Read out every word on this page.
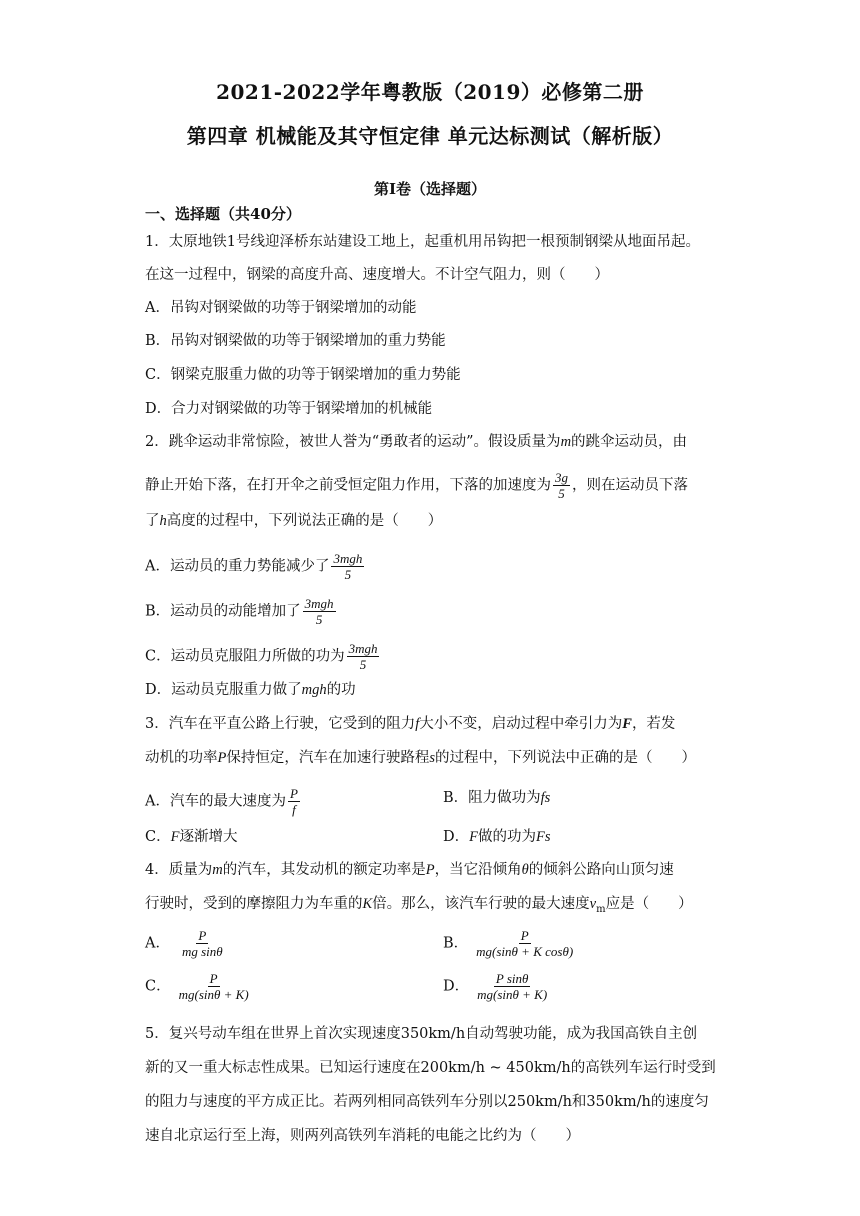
2021-2022学年粤教版（2019）必修第二册
第四章 机械能及其守恒定律 单元达标测试（解析版）
第Ⅰ卷（选择题）
一、选择题（共40分）
1．太原地铁1号线迎泽桥东站建设工地上，起重机用吊钩把一根预制钢梁从地面吊起。
在这一过程中，钢梁的高度升高、速度增大。不计空气阻力，则（　　）
A．吊钩对钢梁做的功等于钢梁增加的动能
B．吊钩对钢梁做的功等于钢梁增加的重力势能
C．钢梁克服重力做的功等于钢梁增加的重力势能
D．合力对钢梁做的功等于钢梁增加的机械能
2．跳伞运动非常惊险，被世人誉为“勇敢者的运动”。假设质量为m的跳伞运动员，由
静止开始下落，在打开伞之前受恒定阻力作用，下落的加速度为 $\frac{3g}{5}$ ，则在运动员下落
了h高度的过程中，下列说法正确的是（　　）
A．运动员的重力势能减少了 $\frac{\text{3mgh}}{5}$
B．运动员的动能增加了 $\frac{\text{3mgh}}{5}$
C．运动员克服阻力所做的功为 $\frac{\text{3mgh}}{5}$
D．运动员克服重力做了mgh的功
3．汽车在平直公路上行驶，它受到的阻力f大小不变，启动过程中牵引力为F，若发
动机的功率P保持恒定，汽车在加速行驶路程s的过程中，下列说法中正确的是（　　）
A．汽车的最大速度为 $\frac{P}{f}$	B．阻力做功为fs
C．F逐渐增大	D．F做的功为Fs
4．质量为m的汽车，其发动机的额定功率是P，当它沿倾角θ的倾斜公路向山顶匀速
行驶时，受到的摩擦阻力为车重的K倍。那么，该汽车行驶的最大速度$v_m$应是（　　）
A． $\frac{P}{\text{mg sinθ}}$	B． $\frac{P}{\text{mg(sinθ + K cosθ)}}$
C． $\frac{P}{mg(\sin\theta + K)}$	D． $\frac{\text{P sinθ}}{mg(\sin\theta + K)}$
5．复兴号动车组在世界上首次实现速度350km/h自动驾驶功能，成为我国高铁自主创
新的又一重大标志性成果。已知运行速度在200km/h ~ 450km/h的高铁列车运行时受到
的阻力与速度的平方成正比。若两列相同高铁列车分别以250km/h和350km/h的速度匀
速自北京运行至上海，则两列高铁列车消耗的电能之比约为（　　）
